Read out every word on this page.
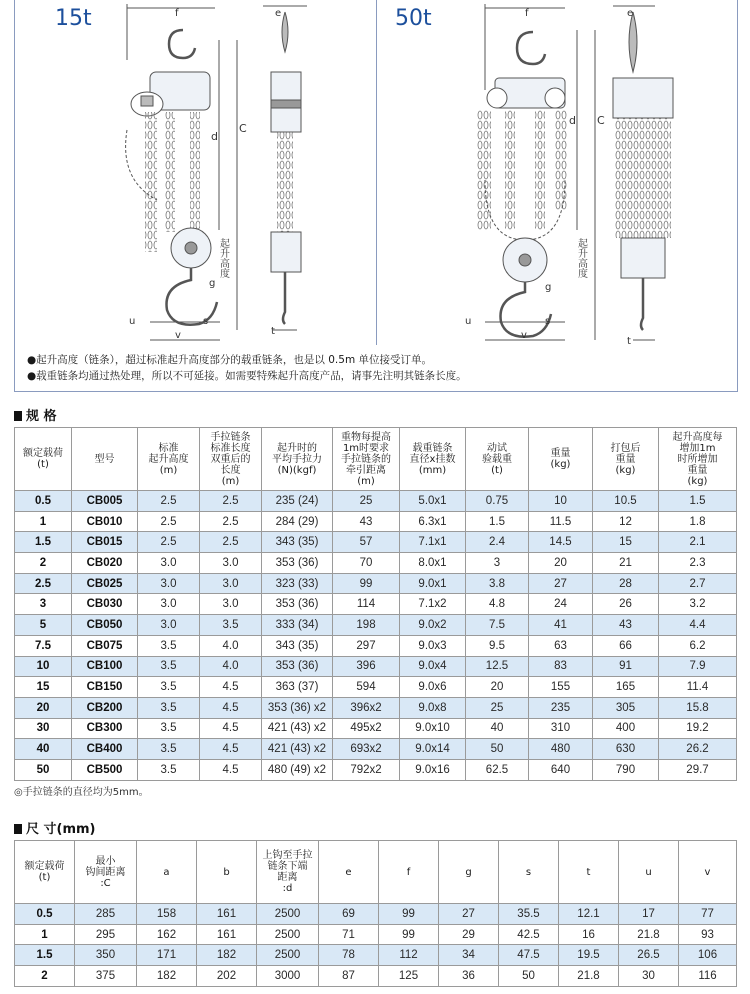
15t	50t
f
d
C
g
u
v
s
起升高度
e
t
f
d C
g
u
v
s
起升高度
e
t
●起升高度（链条），超过标准起升高度部分的载重链条，也是以 0.5m 单位接受订单。
●载重链条均通过热处理，所以不可延接。如需要特殊起升高度产品，请事先注明其链条长度。
规 格
额定载荷
(t)	型号	标准
起升高度
(m)	手拉链条
标准长度
双重后的
长度
(m)	起升时的
平均手拉力
(N)(kgf)	重物每提高
1m时要求
手拉链条的
牵引距离
(m)	载重链条
直径x挂数
(mm)	动试
验载重
(t)	重量
(kg)	打包后
重量
(kg)	起升高度每
增加1m
时所增加
重量
(kg)
0.5	CB005	2.5	2.5	235 (24)	25	5.0x1	0.75	10	10.5	1.5
1	CB010	2.5	2.5	284 (29)	43	6.3x1	1.5	11.5	12	1.8
1.5	CB015	2.5	2.5	343 (35)	57	7.1x1	2.4	14.5	15	2.1
2	CB020	3.0	3.0	353 (36)	70	8.0x1	3	20	21	2.3
2.5	CB025	3.0	3.0	323 (33)	99	9.0x1	3.8	27	28	2.7
3	CB030	3.0	3.0	353 (36)	114	7.1x2	4.8	24	26	3.2
5	CB050	3.0	3.5	333 (34)	198	9.0x2	7.5	41	43	4.4
7.5	CB075	3.5	4.0	343 (35)	297	9.0x3	9.5	63	66	6.2
10	CB100	3.5	4.0	353 (36)	396	9.0x4	12.5	83	91	7.9
15	CB150	3.5	4.5	363 (37)	594	9.0x6	20	155	165	11.4
20	CB200	3.5	4.5	353 (36) x2	396x2	9.0x8	25	235	305	15.8
30	CB300	3.5	4.5	421 (43) x2	495x2	9.0x10	40	310	400	19.2
40	CB400	3.5	4.5	421 (43) x2	693x2	9.0x14	50	480	630	26.2
50	CB500	3.5	4.5	480 (49) x2	792x2	9.0x16	62.5	640	790	29.7
◎手拉链条的直径均为5mm。
尺 寸(mm)
额定载荷
(t)	最小
钩间距离
:C	a	b	上钩至手拉
链条下端
距离
:d	e	f	g	s	t	u	v
0.5	285	158	161	2500	69	99	27	35.5	12.1	17	77
1	295	162	161	2500	71	99	29	42.5	16	21.8	93
1.5	350	171	182	2500	78	112	34	47.5	19.5	26.5	106
2	375	182	202	3000	87	125	36	50	21.8	30	116
